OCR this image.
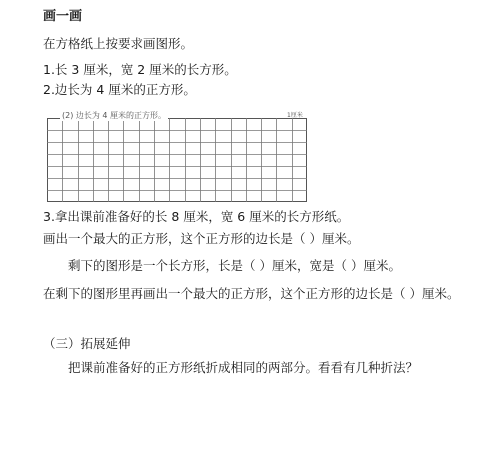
画一画
在方格纸上按要求画图形。
1.长 3 厘米，宽 2 厘米的长方形。
2.边长为 4 厘米的正方形。
(2) 边长为 4 厘米的正方形。	1厘米
3.拿出课前准备好的长 8 厘米，宽 6 厘米的长方形纸。
画出一个最大的正方形，这个正方形的边长是（ ）厘米。
剩下的图形是一个长方形，长是（ ）厘米，宽是（ ）厘米。
在剩下的图形里再画出一个最大的正方形，这个正方形的边长是（ ）厘米。
（三）拓展延伸
把课前准备好的正方形纸折成相同的两部分。看看有几种折法？
